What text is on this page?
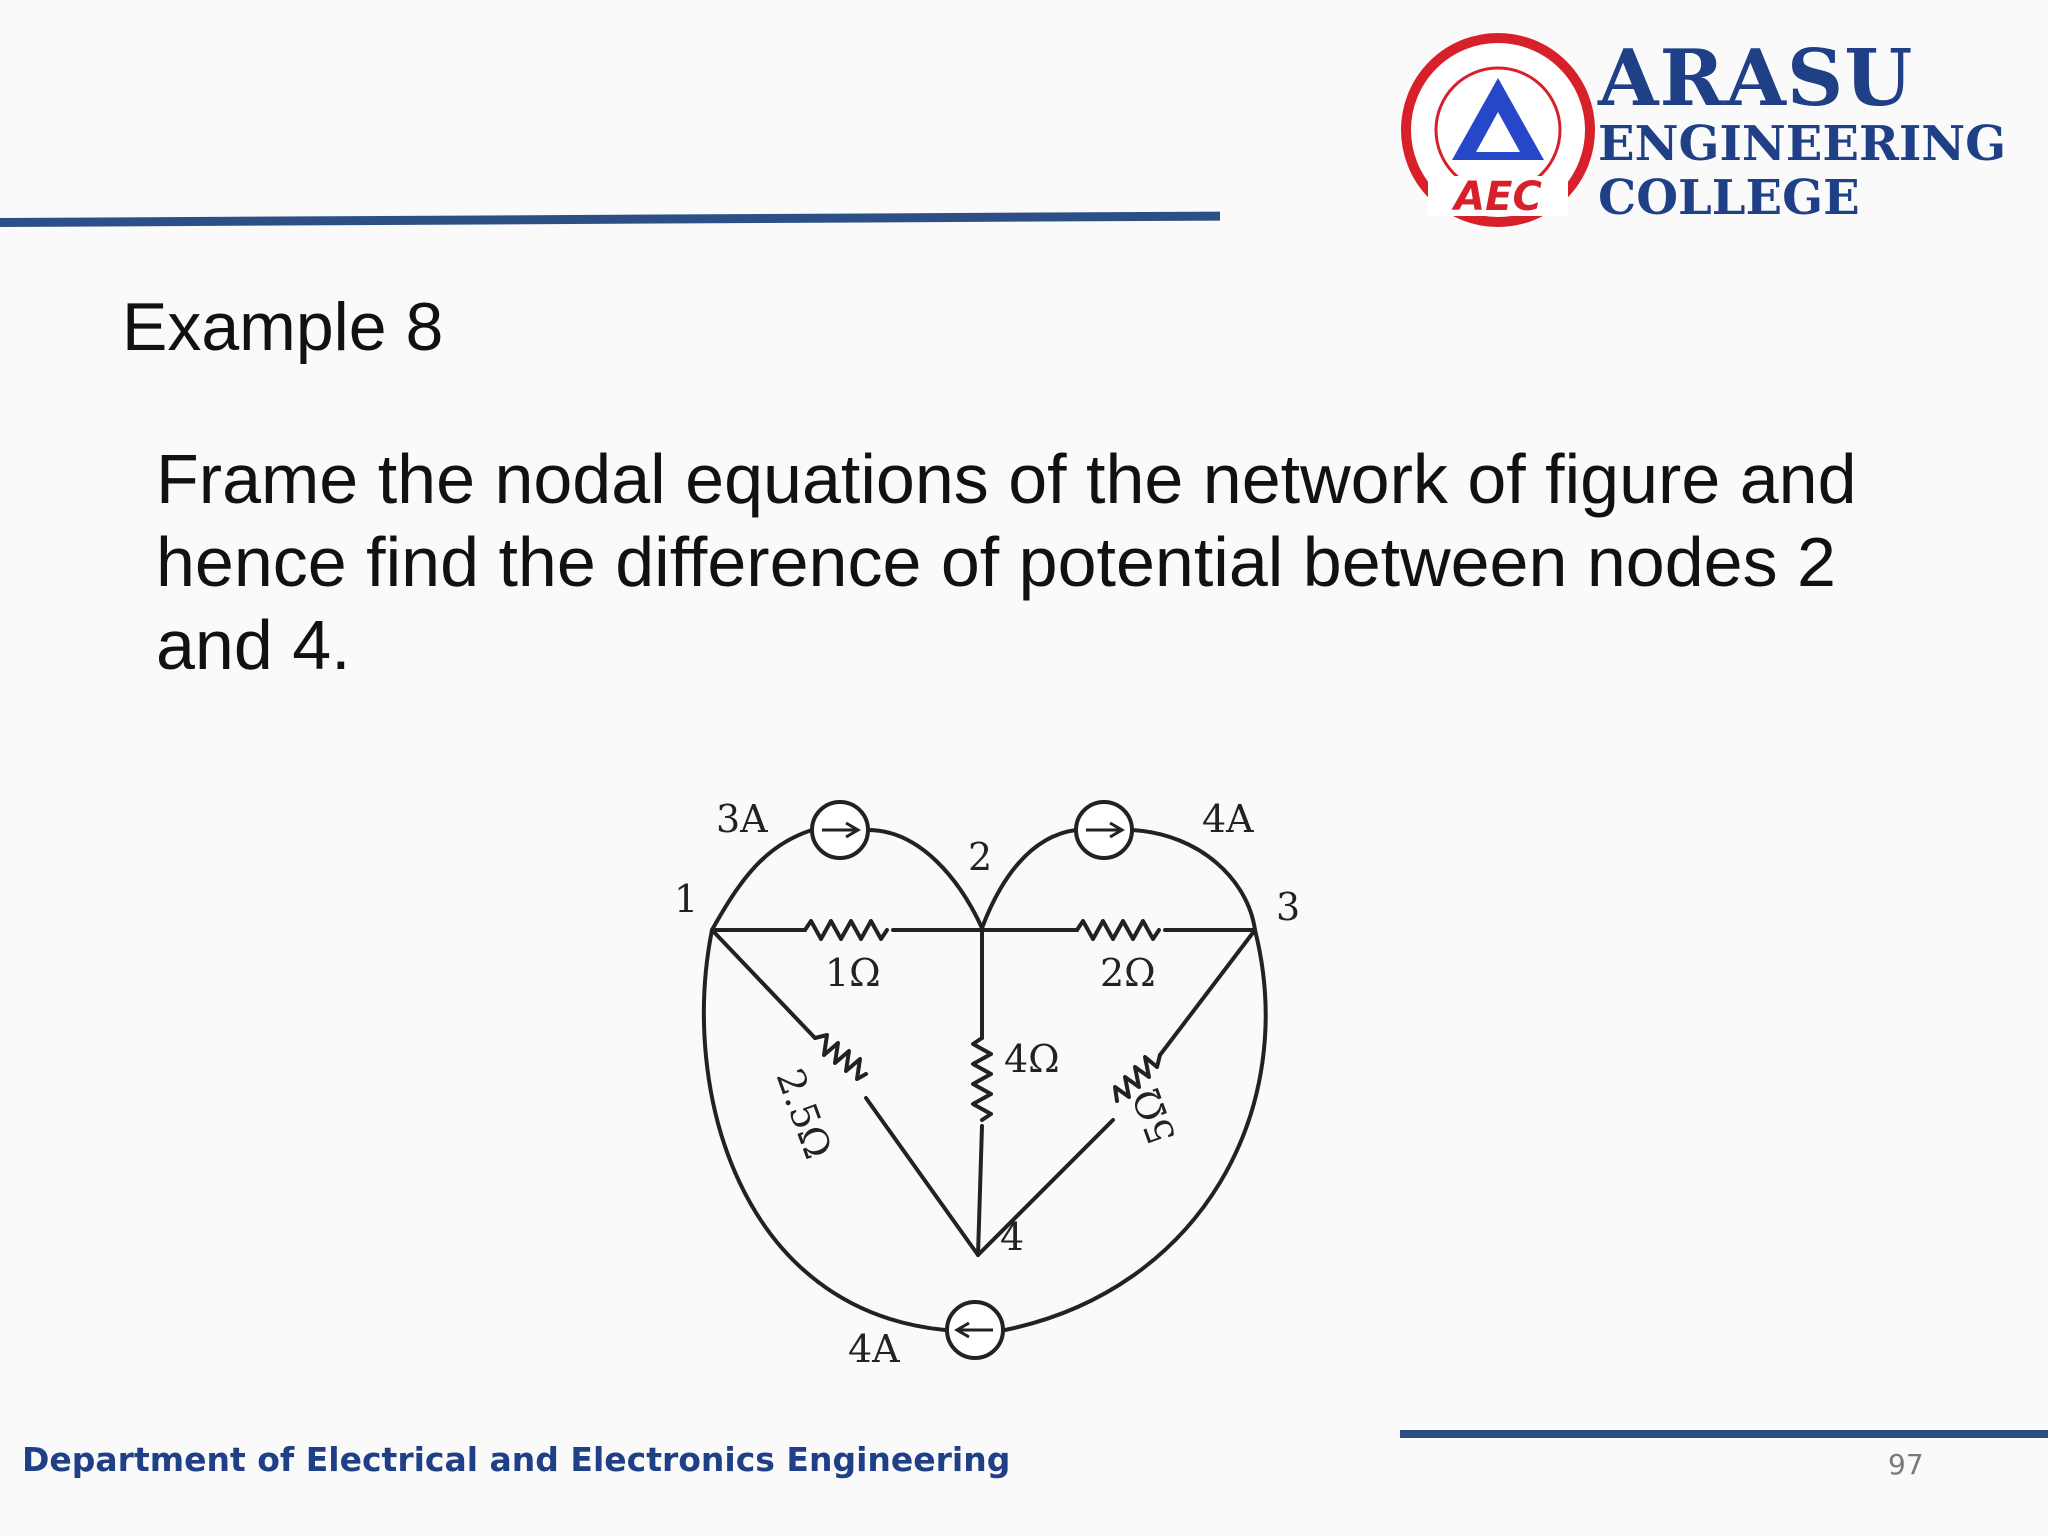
AEC
ARASU
ENGINEERING
COLLEGE
Example 8
Frame the nodal equations of the network of figure and
hence find the difference of potential between nodes 2
and 4.
1
2
3
4
3A	4A
4A
1Ω	2Ω
4Ω
2.5Ω	5Ω
Department of Electrical and Electronics Engineering	97
